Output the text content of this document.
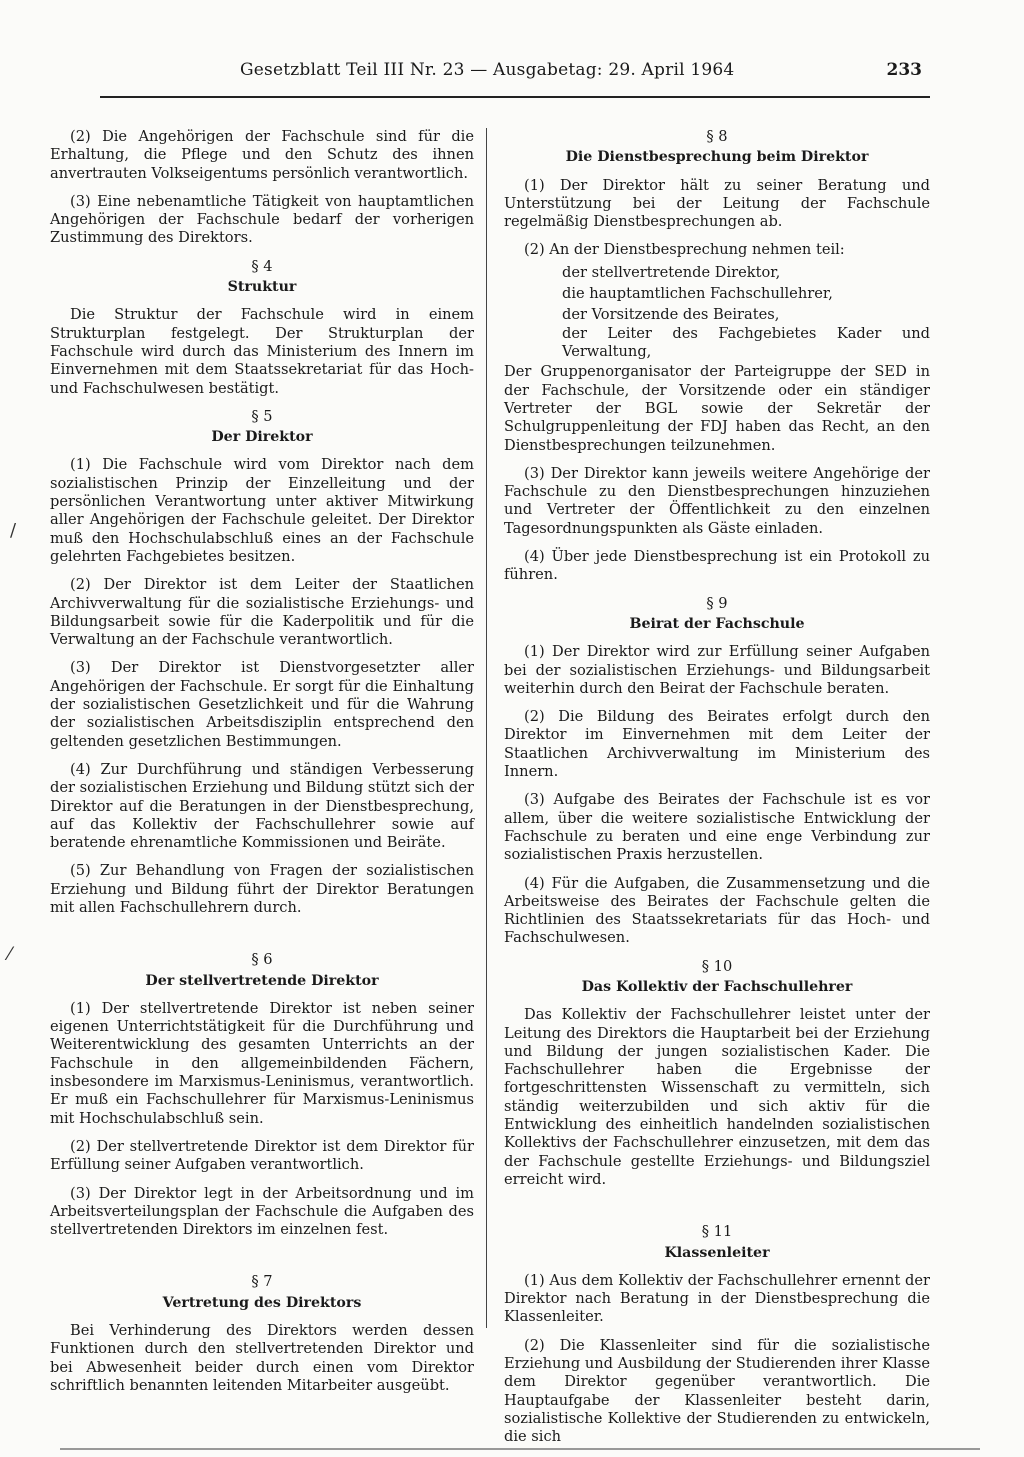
Gesetzblatt Teil III Nr. 23 — Ausgabetag: 29. April 1964	233
/
⁄

(2) Die Angehörigen der Fachschule sind für die Erhaltung, die Pflege und den Schutz des ihnen anvertrauten Volkseigentums persönlich verantwortlich.

(3) Eine nebenamtliche Tätigkeit von hauptamtlichen Angehörigen der Fachschule bedarf der vorherigen Zustimmung des Direktors.

§ 4
Struktur

Die Struktur der Fachschule wird in einem Strukturplan festgelegt. Der Strukturplan der Fachschule wird durch das Ministerium des Innern im Einvernehmen mit dem Staatssekretariat für das Hoch- und Fachschulwesen bestätigt.

§ 5
Der Direktor

(1) Die Fachschule wird vom Direktor nach dem sozialistischen Prinzip der Einzelleitung und der persönlichen Verantwortung unter aktiver Mitwirkung aller Angehörigen der Fachschule geleitet. Der Direktor muß den Hochschulabschluß eines an der Fachschule gelehrten Fachgebietes besitzen.

(2) Der Direktor ist dem Leiter der Staatlichen Archivverwaltung für die sozialistische Erziehungs- und Bildungsarbeit sowie für die Kaderpolitik und für die Verwaltung an der Fachschule verantwortlich.

(3) Der Direktor ist Dienstvorgesetzter aller Angehörigen der Fachschule. Er sorgt für die Einhaltung der sozialistischen Gesetzlichkeit und für die Wahrung der sozialistischen Arbeitsdisziplin entsprechend den geltenden gesetzlichen Bestimmungen.

(4) Zur Durchführung und ständigen Verbesserung der sozialistischen Erziehung und Bildung stützt sich der Direktor auf die Beratungen in der Dienstbesprechung, auf das Kollektiv der Fachschullehrer sowie auf beratende ehrenamtliche Kommissionen und Beiräte.

(5) Zur Behandlung von Fragen der sozialistischen Erziehung und Bildung führt der Direktor Beratungen mit allen Fachschullehrern durch.

§ 6
Der stellvertretende Direktor

(1) Der stellvertretende Direktor ist neben seiner eigenen Unterrichtstätigkeit für die Durchführung und Weiterentwicklung des gesamten Unterrichts an der Fachschule in den allgemeinbildenden Fächern, insbesondere im Marxismus-Leninismus, verantwortlich. Er muß ein Fachschullehrer für Marxismus-Leninismus mit Hochschulabschluß sein.

(2) Der stellvertretende Direktor ist dem Direktor für Erfüllung seiner Aufgaben verantwortlich.

(3) Der Direktor legt in der Arbeitsordnung und im Arbeitsverteilungsplan der Fachschule die Aufgaben des stellvertretenden Direktors im einzelnen fest.

§ 7
Vertretung des Direktors

Bei Verhinderung des Direktors werden dessen Funktionen durch den stellvertretenden Direktor und bei Abwesenheit beider durch einen vom Direktor schriftlich benannten leitenden Mitarbeiter ausgeübt.

§ 8
Die Dienstbesprechung beim Direktor

(1) Der Direktor hält zu seiner Beratung und Unterstützung bei der Leitung der Fachschule regelmäßig Dienstbesprechungen ab.

(2) An der Dienstbesprechung nehmen teil:

der stellvertretende Direktor,
die hauptamtlichen Fachschullehrer,
der Vorsitzende des Beirates,
der Leiter des Fachgebietes Kader und Verwaltung,

Der Gruppenorganisator der Parteigruppe der SED in der Fachschule, der Vorsitzende oder ein ständiger Vertreter der BGL sowie der Sekretär der Schulgruppenleitung der FDJ haben das Recht, an den Dienstbesprechungen teilzunehmen.

(3) Der Direktor kann jeweils weitere Angehörige der Fachschule zu den Dienstbesprechungen hinzuziehen und Vertreter der Öffentlichkeit zu den einzelnen Tagesordnungspunkten als Gäste einladen.

(4) Über jede Dienstbesprechung ist ein Protokoll zu führen.

§ 9
Beirat der Fachschule

(1) Der Direktor wird zur Erfüllung seiner Aufgaben bei der sozialistischen Erziehungs- und Bildungsarbeit weiterhin durch den Beirat der Fachschule beraten.

(2) Die Bildung des Beirates erfolgt durch den Direktor im Einvernehmen mit dem Leiter der Staatlichen Archivverwaltung im Ministerium des Innern.

(3) Aufgabe des Beirates der Fachschule ist es vor allem, über die weitere sozialistische Entwicklung der Fachschule zu beraten und eine enge Verbindung zur sozialistischen Praxis herzustellen.

(4) Für die Aufgaben, die Zusammensetzung und die Arbeitsweise des Beirates der Fachschule gelten die Richtlinien des Staatssekretariats für das Hoch- und Fachschulwesen.

§ 10
Das Kollektiv der Fachschullehrer

Das Kollektiv der Fachschullehrer leistet unter der Leitung des Direktors die Hauptarbeit bei der Erziehung und Bildung der jungen sozialistischen Kader. Die Fachschullehrer haben die Ergebnisse der fortgeschrittensten Wissenschaft zu vermitteln, sich ständig weiterzubilden und sich aktiv für die Entwicklung des einheitlich handelnden sozialistischen Kollektivs der Fachschullehrer einzusetzen, mit dem das der Fachschule gestellte Erziehungs- und Bildungsziel erreicht wird.

§ 11
Klassenleiter

(1) Aus dem Kollektiv der Fachschullehrer ernennt der Direktor nach Beratung in der Dienstbesprechung die Klassenleiter.

(2) Die Klassenleiter sind für die sozialistische Erziehung und Ausbildung der Studierenden ihrer Klasse dem Direktor gegenüber verantwortlich. Die Hauptaufgabe der Klassenleiter besteht darin, sozialistische Kollektive der Studierenden zu entwickeln, die sich
